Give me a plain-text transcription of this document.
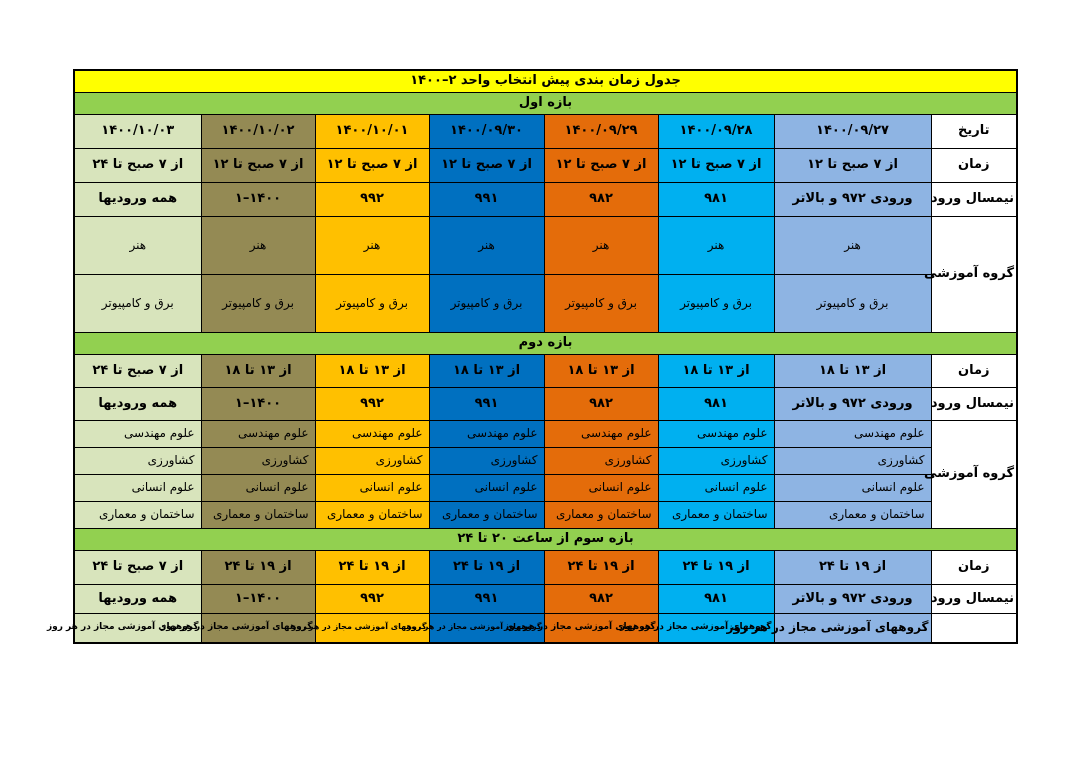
جدول زمان بندی پیش انتخاب واحد ۲–۱۴۰۰							
بازه اول							
تاریخ	۱۴۰۰/۰۹/۲۷	۱۴۰۰/۰۹/۲۸	۱۴۰۰/۰۹/۲۹	۱۴۰۰/۰۹/۳۰	۱۴۰۰/۱۰/۰۱	۱۴۰۰/۱۰/۰۲	۱۴۰۰/۱۰/۰۳
زمان	از ۷ صبح تا ۱۲	از ۷ صبح تا ۱۲	از ۷ صبح تا ۱۲	از ۷ صبح تا ۱۲	از ۷ صبح تا ۱۲	از ۷ صبح تا ۱۲	از ۷ صبح تا ۲۴
نیمسال ورود	ورودی ۹۷۲ و بالاتر	۹۸۱	۹۸۲	۹۹۱	۹۹۲	۱۴۰۰–۱	همه ورودیها
گروه آموزشی	هنر	هنر	هنر	هنر	هنر	هنر	هنر
	برق و کامپیوتر	برق و کامپیوتر	برق و کامپیوتر	برق و کامپیوتر	برق و کامپیوتر	برق و کامپیوتر	برق و کامپیوتر
بازه دوم							
زمان	از ۱۳ تا ۱۸	از ۱۳ تا ۱۸	از ۱۳ تا ۱۸	از ۱۳ تا ۱۸	از ۱۳ تا ۱۸	از ۱۳ تا ۱۸	از ۷ صبح تا ۲۴
نیمسال ورود	ورودی ۹۷۲ و بالاتر	۹۸۱	۹۸۲	۹۹۱	۹۹۲	۱۴۰۰–۱	همه ورودیها
گروه آموزشی	علوم مهندسی	علوم مهندسی	علوم مهندسی	علوم مهندسی	علوم مهندسی	علوم مهندسی	علوم مهندسی
	کشاورزی	کشاورزی	کشاورزی	کشاورزی	کشاورزی	کشاورزی	کشاورزی
	علوم انسانی	علوم انسانی	علوم انسانی	علوم انسانی	علوم انسانی	علوم انسانی	علوم انسانی
	ساختمان و معماری	ساختمان و معماری	ساختمان و معماری	ساختمان و معماری	ساختمان و معماری	ساختمان و معماری	ساختمان و معماری
بازه سوم از ساعت ۲۰ تا ۲۴							
زمان	از ۱۹ تا ۲۴	از ۱۹ تا ۲۴	از ۱۹ تا ۲۴	از ۱۹ تا ۲۴	از ۱۹ تا ۲۴	از ۱۹ تا ۲۴	از ۷ صبح تا ۲۴
نیمسال ورود	ورودی ۹۷۲ و بالاتر	۹۸۱	۹۸۲	۹۹۱	۹۹۲	۱۴۰۰–۱	همه ورودیها
	گروههای آموزشی مجاز در هر روز	گروههای آموزشی مجاز در هر روز	گروههای آموزشی مجاز در هر روز	گروههای آموزشی مجاز در هر روز	گروههای آموزشی مجاز در هر روز	گروههای آموزشی مجاز در هر روز	گروههای آموزشی مجاز در هر روز
